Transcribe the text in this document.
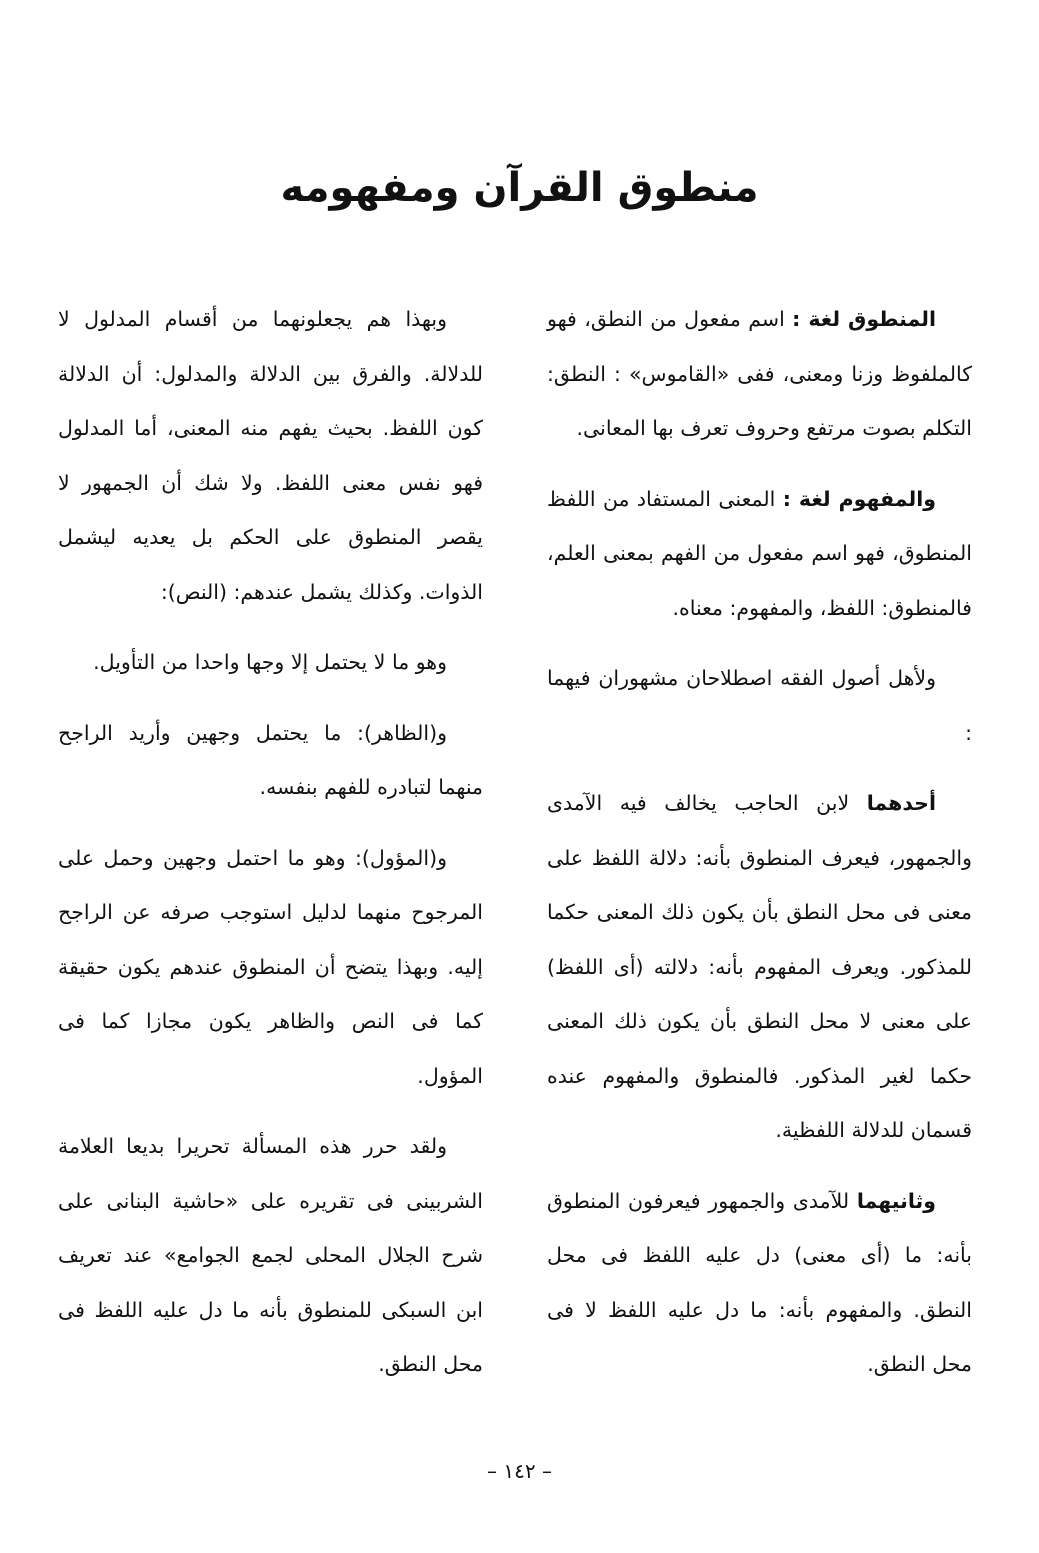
منطوق القرآن ومفهومه

المنطوق لغة : اسم مفعول من النطق، فهو كالملفوظ وزنا ومعنى، ففى «القاموس» : النطق: التكلم بصوت مرتفع وحروف تعرف بها المعانى.

والمفهوم لغة : المعنى المستفاد من اللفظ المنطوق، فهو اسم مفعول من الفهم بمعنى العلم، فالمنطوق: اللفظ، والمفهوم: معناه.

ولأهل أصول الفقه اصطلاحان مشهوران فيهما :

أحدهما لابن الحاجب يخالف فيه الآمدى والجمهور، فيعرف المنطوق بأنه: دلالة اللفظ على معنى فى محل النطق بأن يكون ذلك المعنى حكما للمذكور. ويعرف المفهوم بأنه: دلالته (أى اللفظ) على معنى لا محل النطق بأن يكون ذلك المعنى حكما لغير المذكور. فالمنطوق والمفهوم عنده قسمان للدلالة اللفظية.

وثانيهما للآمدى والجمهور فيعرفون المنطوق بأنه: ما (أى معنى) دل عليه اللفظ فى محل النطق. والمفهوم بأنه: ما دل عليه اللفظ لا فى محل النطق.

وبهذا هم يجعلونهما من أقسام المدلول لا للدلالة. والفرق بين الدلالة والمدلول: أن الدلالة كون اللفظ. بحيث يفهم منه المعنى، أما المدلول فهو نفس معنى اللفظ. ولا شك أن الجمهور لا يقصر المنطوق على الحكم بل يعديه ليشمل الذوات. وكذلك يشمل عندهم: (النص):

وهو ما لا يحتمل إلا وجها واحدا من التأويل.

و(الظاهر): ما يحتمل وجهين وأريد الراجح منهما لتبادره للفهم بنفسه.

و(المؤول): وهو ما احتمل وجهين وحمل على المرجوح منهما لدليل استوجب صرفه عن الراجح إليه. وبهذا يتضح أن المنطوق عندهم يكون حقيقة كما فى النص والظاهر يكون مجازا كما فى المؤول.

ولقد حرر هذه المسألة تحريرا بديعا العلامة الشربينى فى تقريره على «حاشية البنانى على شرح الجلال المحلى لجمع الجوامع» عند تعريف ابن السبكى للمنطوق بأنه ما دل عليه اللفظ فى محل النطق.

– ١٤٢ –
